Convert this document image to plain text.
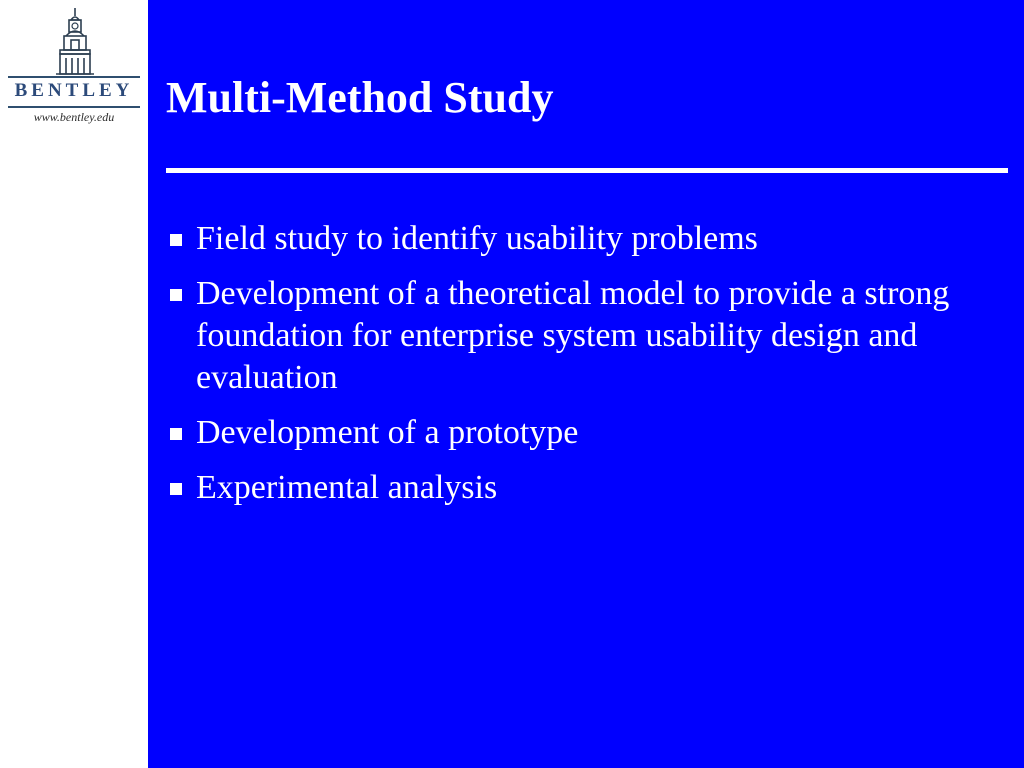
BENTLEY
www.bentley.edu	Multi-Method Study
Field study to identify usability problems
Development of a theoretical model to provide a strong foundation for enterprise system usability design and evaluation
Development of a prototype
Experimental analysis
